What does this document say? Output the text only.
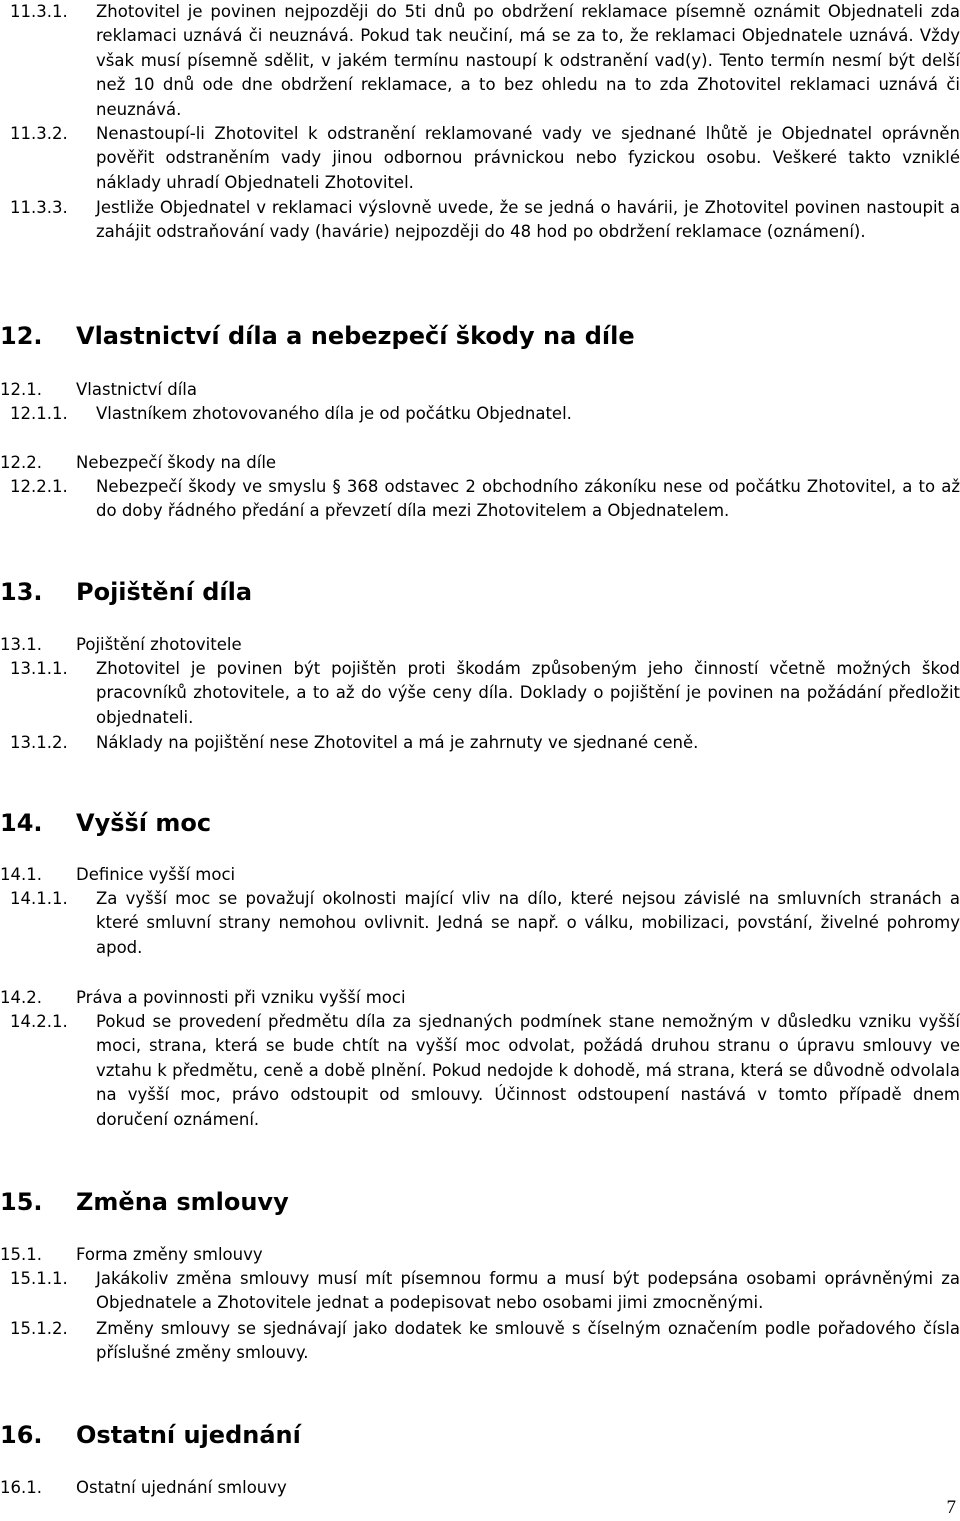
11.3.1. Zhotovitel je povinen nejpozději do 5ti dnů po obdržení reklamace písemně oznámit Objednateli zda reklamaci uznává či neuznává. Pokud tak neučiní, má se za to, že reklamaci Objednatele uznává. Vždy však musí písemně sdělit, v jakém termínu nastoupí k odstranění vad(y). Tento termín nesmí být delší než 10 dnů ode dne obdržení reklamace, a to bez ohledu na to zda Zhotovitel reklamaci uznává či neuznává.
11.3.2. Nenastoupí-li Zhotovitel k odstranění reklamované vady ve sjednané lhůtě je Objednatel oprávněn pověřit odstraněním vady jinou odbornou právnickou nebo fyzickou osobu. Veškeré takto vzniklé náklady uhradí Objednateli Zhotovitel.
11.3.3. Jestliže Objednatel v reklamaci výslovně uvede, že se jedná o havárii, je Zhotovitel povinen nastoupit a zahájit odstraňování vady (havárie) nejpozději do 48 hod po obdržení reklamace (oznámení).
12. Vlastnictví díla a nebezpečí škody na díle
12.1. Vlastnictví díla
12.1.1. Vlastníkem zhotovovaného díla je od počátku Objednatel.
12.2. Nebezpečí škody na díle
12.2.1. Nebezpečí škody ve smyslu § 368 odstavec 2 obchodního zákoníku nese od počátku Zhotovitel, a to až do doby řádného předání a převzetí díla mezi Zhotovitelem a Objednatelem.
13. Pojištění díla
13.1. Pojištění zhotovitele
13.1.1. Zhotovitel je povinen být pojištěn proti škodám způsobeným jeho činností včetně možných škod pracovníků zhotovitele, a to až do výše ceny díla. Doklady o pojištění je povinen na požádání předložit objednateli.
13.1.2. Náklady na pojištění nese Zhotovitel a má je zahrnuty ve sjednané ceně.
14. Vyšší moc
14.1. Definice vyšší moci
14.1.1. Za vyšší moc se považují okolnosti mající vliv na dílo, které nejsou závislé na smluvních stranách a které smluvní strany nemohou ovlivnit. Jedná se např. o válku, mobilizaci, povstání, živelné pohromy apod.
14.2. Práva a povinnosti při vzniku vyšší moci
14.2.1. Pokud se provedení předmětu díla za sjednaných podmínek stane nemožným v důsledku vzniku vyšší moci, strana, která se bude chtít na vyšší moc odvolat, požádá druhou stranu o úpravu smlouvy ve vztahu k předmětu, ceně a době plnění. Pokud nedojde k dohodě, má strana, která se důvodně odvolala na vyšší moc, právo odstoupit od smlouvy. Účinnost odstoupení nastává v tomto případě dnem doručení oznámení.
15. Změna smlouvy
15.1. Forma změny smlouvy
15.1.1. Jakákoliv změna smlouvy musí mít písemnou formu a musí být podepsána osobami oprávněnými za Objednatele a Zhotovitele jednat a podepisovat nebo osobami jimi zmocněnými.
15.1.2. Změny smlouvy se sjednávají jako dodatek ke smlouvě s číselným označením podle pořadového čísla příslušné změny smlouvy.
16. Ostatní ujednání
16.1. Ostatní ujednání smlouvy
7
